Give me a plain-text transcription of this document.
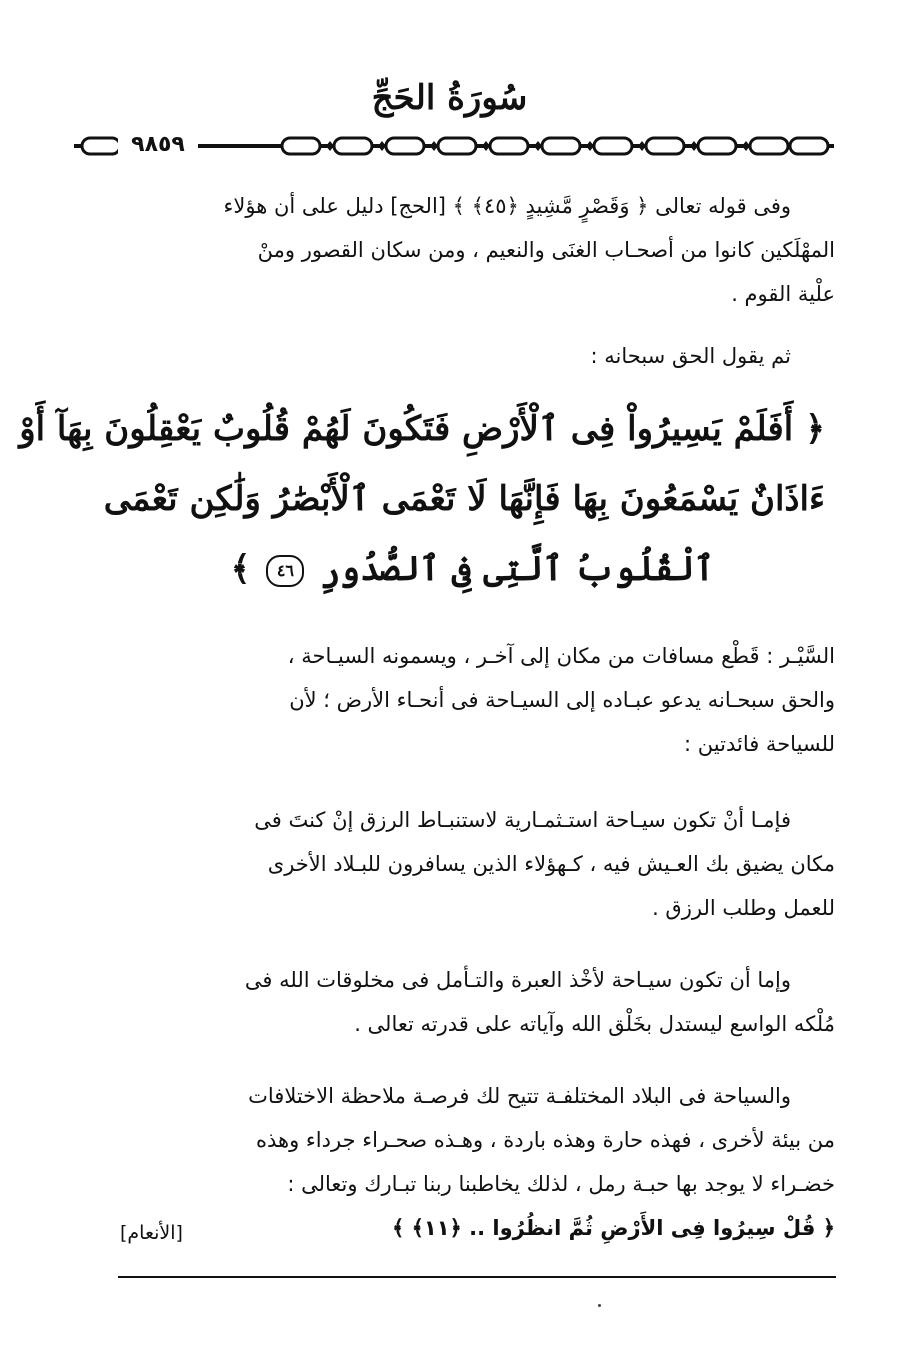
سُورَةُ الحَجِّ
٩٨٥٩
وفى قوله تعالى ﴿ وَقَصْرٍ مَّشِيدٍ ﴿٤٥﴾ ﴾ [الحج] دليل على أن هؤلاء
المهْلَكين كانوا من أصحـاب الغنَى والنعيم ، ومن سكان القصور ومنْ
علْية القوم .
ثم يقول الحق سبحانه :
﴿ أَفَلَمْ يَسِيرُواْ فِى ٱلْأَرْضِ فَتَكُونَ لَهُمْ قُلُوبٌ يَعْقِلُونَ بِهَآ أَوْ
ءَاذَانٌ يَسْمَعُونَ بِهَا فَإِنَّهَا لَا تَعْمَى ٱلْأَبْصَٰرُ وَلَٰكِن تَعْمَى
ٱلْقُلُوبُ ٱلَّتِى فِى ٱلصُّدُورِ ٤٦ ﴾
السَّيْـر : قَطْع مسافات من مكان إلى آخـر ، ويسمونه السيـاحة ،
والحق سبحـانه يدعو عبـاده إلى السيـاحة فى أنحـاء الأرض ؛ لأن
للسياحة فائدتين :
فإمـا أنْ تكون سيـاحة استـثمـارية لاستنبـاط الرزق إنْ كنتَ فى
مكان يضيق بك العـيش فيه ، كـهؤلاء الذين يسافرون للبـلاد الأخرى
للعمل وطلب الرزق .
وإما أن تكون سيـاحة لأخْذ العبرة والتـأمل فى مخلوقات الله فى
مُلْكه الواسع ليستدل بخَلْق الله وآياته على قدرته تعالى .
والسياحة فى البلاد المختلفـة تتيح لك فرصـة ملاحظة الاختلافات
من بيئة لأخرى ، فهذه حارة وهذه باردة ، وهـذه صحـراء جرداء وهذه
خضـراء لا يوجد بها حبـة رمل ، لذلك يخاطبنا ربنا تبـارك وتعالى :
﴿ قُلْ سِيرُوا فِى الأَرْضِ ثُمَّ انظُرُوا .. ﴿١١﴾ ﴾
[الأنعام]
